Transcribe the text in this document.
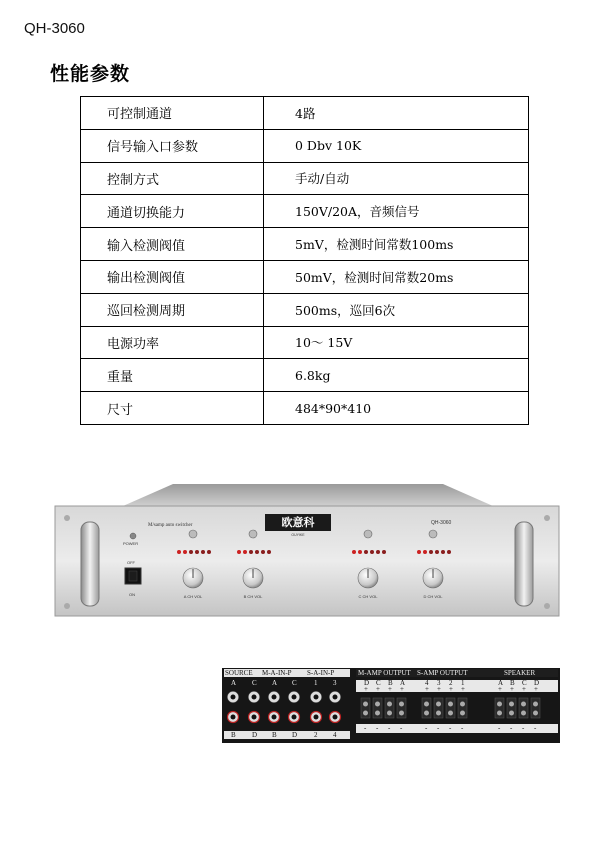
QH-3060
性能参数
可控制通道	4路
信号输入口参数	0 Dbv 10K
控制方式	手动/自动
通道切换能力	150V/20A，音频信号
输入检测阀值	5mV，检测时间常数100ms
输出检测阀值	50mV，检测时间常数20ms
巡回检测周期	500ms，巡回6次
电源功率	10～ 15V
重量	6.8kg
尺寸	484*90*410
POWER
OFF
ON
M/samp auto switcher	欧意科
OUYIKE
QH-3060
A CH VOL	B CH VOL	C CH VOL	D CH VOL
SOURCE M-A-IN-P S-A-IN-P	M-AMP OUTPUT S-AMP OUTPUT	SPEAKER
A
B
C
D
A
B
C
D
1
2
3
4
D
+
-
C
+
-
B
+
-
A
+
-
4
+
-
3
+
-
2
+
-
1
+
-
A
+
-
B
+
-
C
+
-
D
+
-
